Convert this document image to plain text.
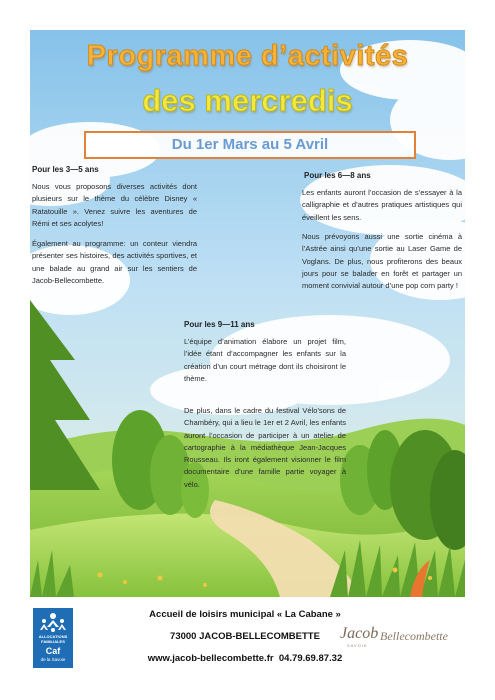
Programme d’activités
des mercredis
Du 1er Mars au 5 Avril
Pour les 3—5 ans

Nous vous proposons diverses activités dont plusieurs sur le thème du célèbre Disney « Ratatouille ». Venez suivre les aventures de Rémi et ses acolytes!

Également au programme: un conteur viendra présenter ses histoires, des activités sportives, et une balade au grand air sur les sentiers de Jacob-Bellecombette.

Pour les 6—8 ans

Les enfants auront l’occasion de s’essayer à la calligraphie et d’autres pratiques artistiques qui éveillent les sens.

Nous prévoyons aussi une sortie cinéma à l’Astrée ainsi qu’une sortie au Laser Game de Voglans. De plus, nous profiterons des beaux jours pour se balader en forêt et partager un moment convivial autour d’une pop corn party !

Pour les 9—11 ans

L’équipe d’animation élabore un projet film, l’idée étant d’accompagner les enfants sur la création d’un court métrage dont ils choisiront le thème.

De plus, dans le cadre du festival Vélo’sons de Chambéry, qui a lieu le 1er et 2 Avril, les enfants auront l’occasion de participer à un atelier de cartographie à la médiathèque Jean-Jacques Rousseau. Ils iront également visionner le film documentaire d’une famille partie voyager à vélo.

ALLOCATIONS
FAMILIALES
Caf
de la Savoie
Accueil de loisirs municipal « La Cabane »
73000 JACOB-BELLECOMBETTE
www.jacob-bellecombette.fr 04.79.69.87.32
Jacob
SAVOIE
Bellecombette
